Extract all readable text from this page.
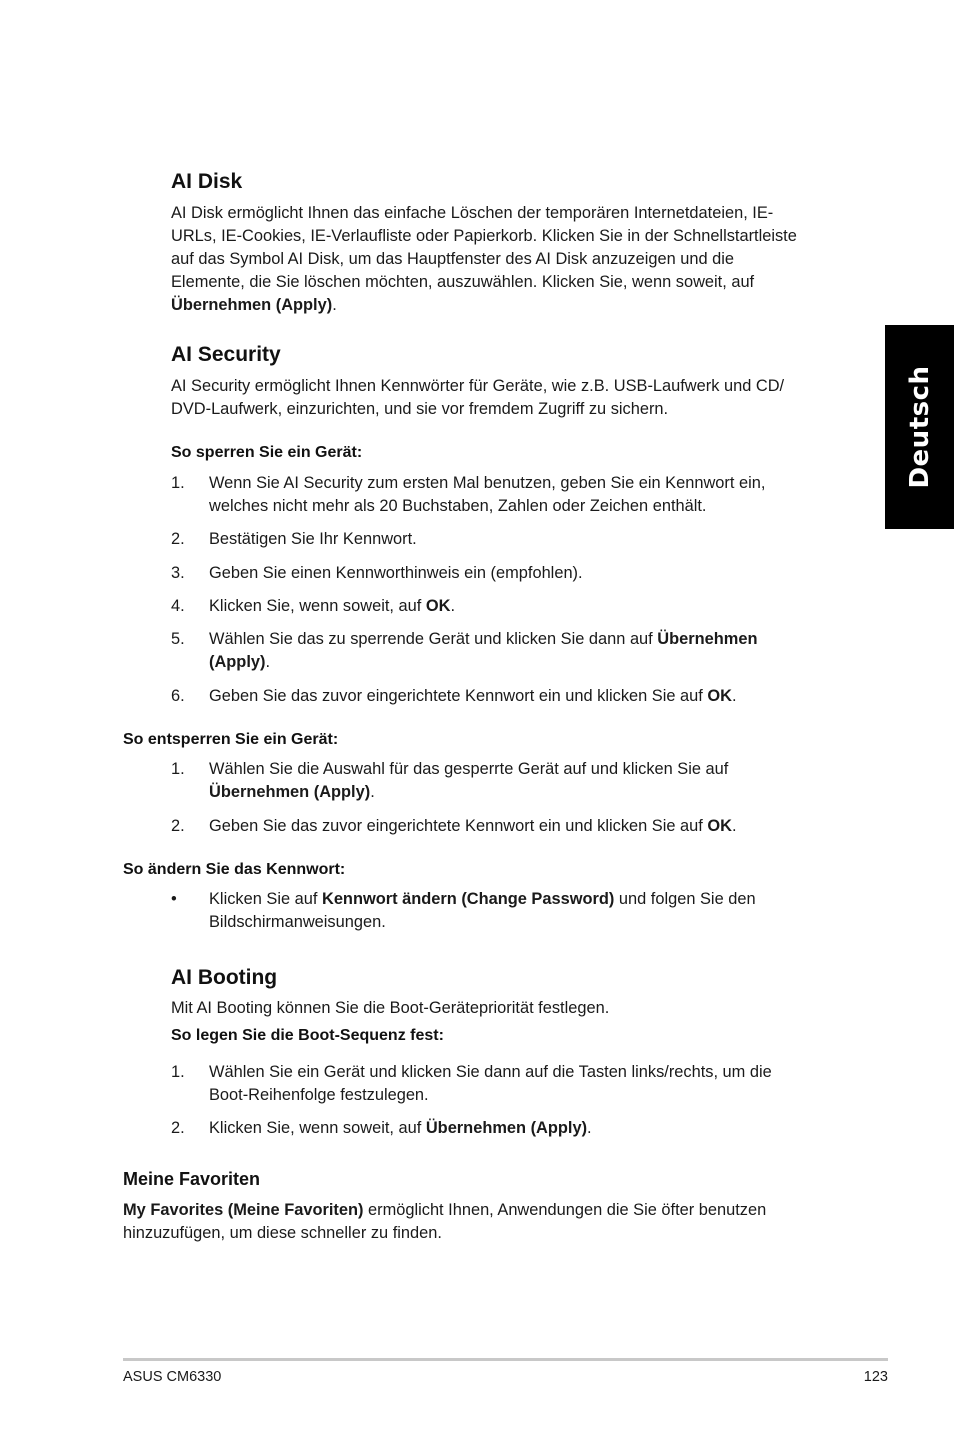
Deutsch
AI Disk
AI Disk ermöglicht Ihnen das einfache Löschen der temporären Internetdateien, IE-
URLs, IE-Cookies, IE-Verlaufliste oder Papierkorb. Klicken Sie in der Schnellstartleiste
auf das Symbol AI Disk, um das Hauptfenster des AI Disk anzuzeigen und die
Elemente, die Sie löschen möchten, auszuwählen. Klicken Sie, wenn soweit, auf
Übernehmen (Apply).
AI Security
AI Security ermöglicht Ihnen Kennwörter für Geräte, wie z.B. USB-Laufwerk und CD/
DVD-Laufwerk, einzurichten, und sie vor fremdem Zugriff zu sichern.
So sperren Sie ein Gerät:
1.	Wenn Sie AI Security zum ersten Mal benutzen, geben Sie ein Kennwort ein,
welches nicht mehr als 20 Buchstaben, Zahlen oder Zeichen enthält.
2.	Bestätigen Sie Ihr Kennwort.
3.	Geben Sie einen Kennworthinweis ein (empfohlen).
4.	Klicken Sie, wenn soweit, auf OK.
5.	Wählen Sie das zu sperrende Gerät und klicken Sie dann auf Übernehmen
(Apply).
6.	Geben Sie das zuvor eingerichtete Kennwort ein und klicken Sie auf OK.
So entsperren Sie ein Gerät:
1.	Wählen Sie die Auswahl für das gesperrte Gerät auf und klicken Sie auf
Übernehmen (Apply).
2.	Geben Sie das zuvor eingerichtete Kennwort ein und klicken Sie auf OK.
So ändern Sie das Kennwort:
•	Klicken Sie auf Kennwort ändern (Change Password) und folgen Sie den
Bildschirmanweisungen.
AI Booting
Mit AI Booting können Sie die Boot-Gerätepriorität festlegen.
So legen Sie die Boot-Sequenz fest:
1.	Wählen Sie ein Gerät und klicken Sie dann auf die Tasten links/rechts, um die
Boot-Reihenfolge festzulegen.
2.	Klicken Sie, wenn soweit, auf Übernehmen (Apply).
Meine Favoriten
My Favorites (Meine Favoriten) ermöglicht Ihnen, Anwendungen die Sie öfter benutzen
hinzuzufügen, um diese schneller zu finden.
ASUS CM6330	123
